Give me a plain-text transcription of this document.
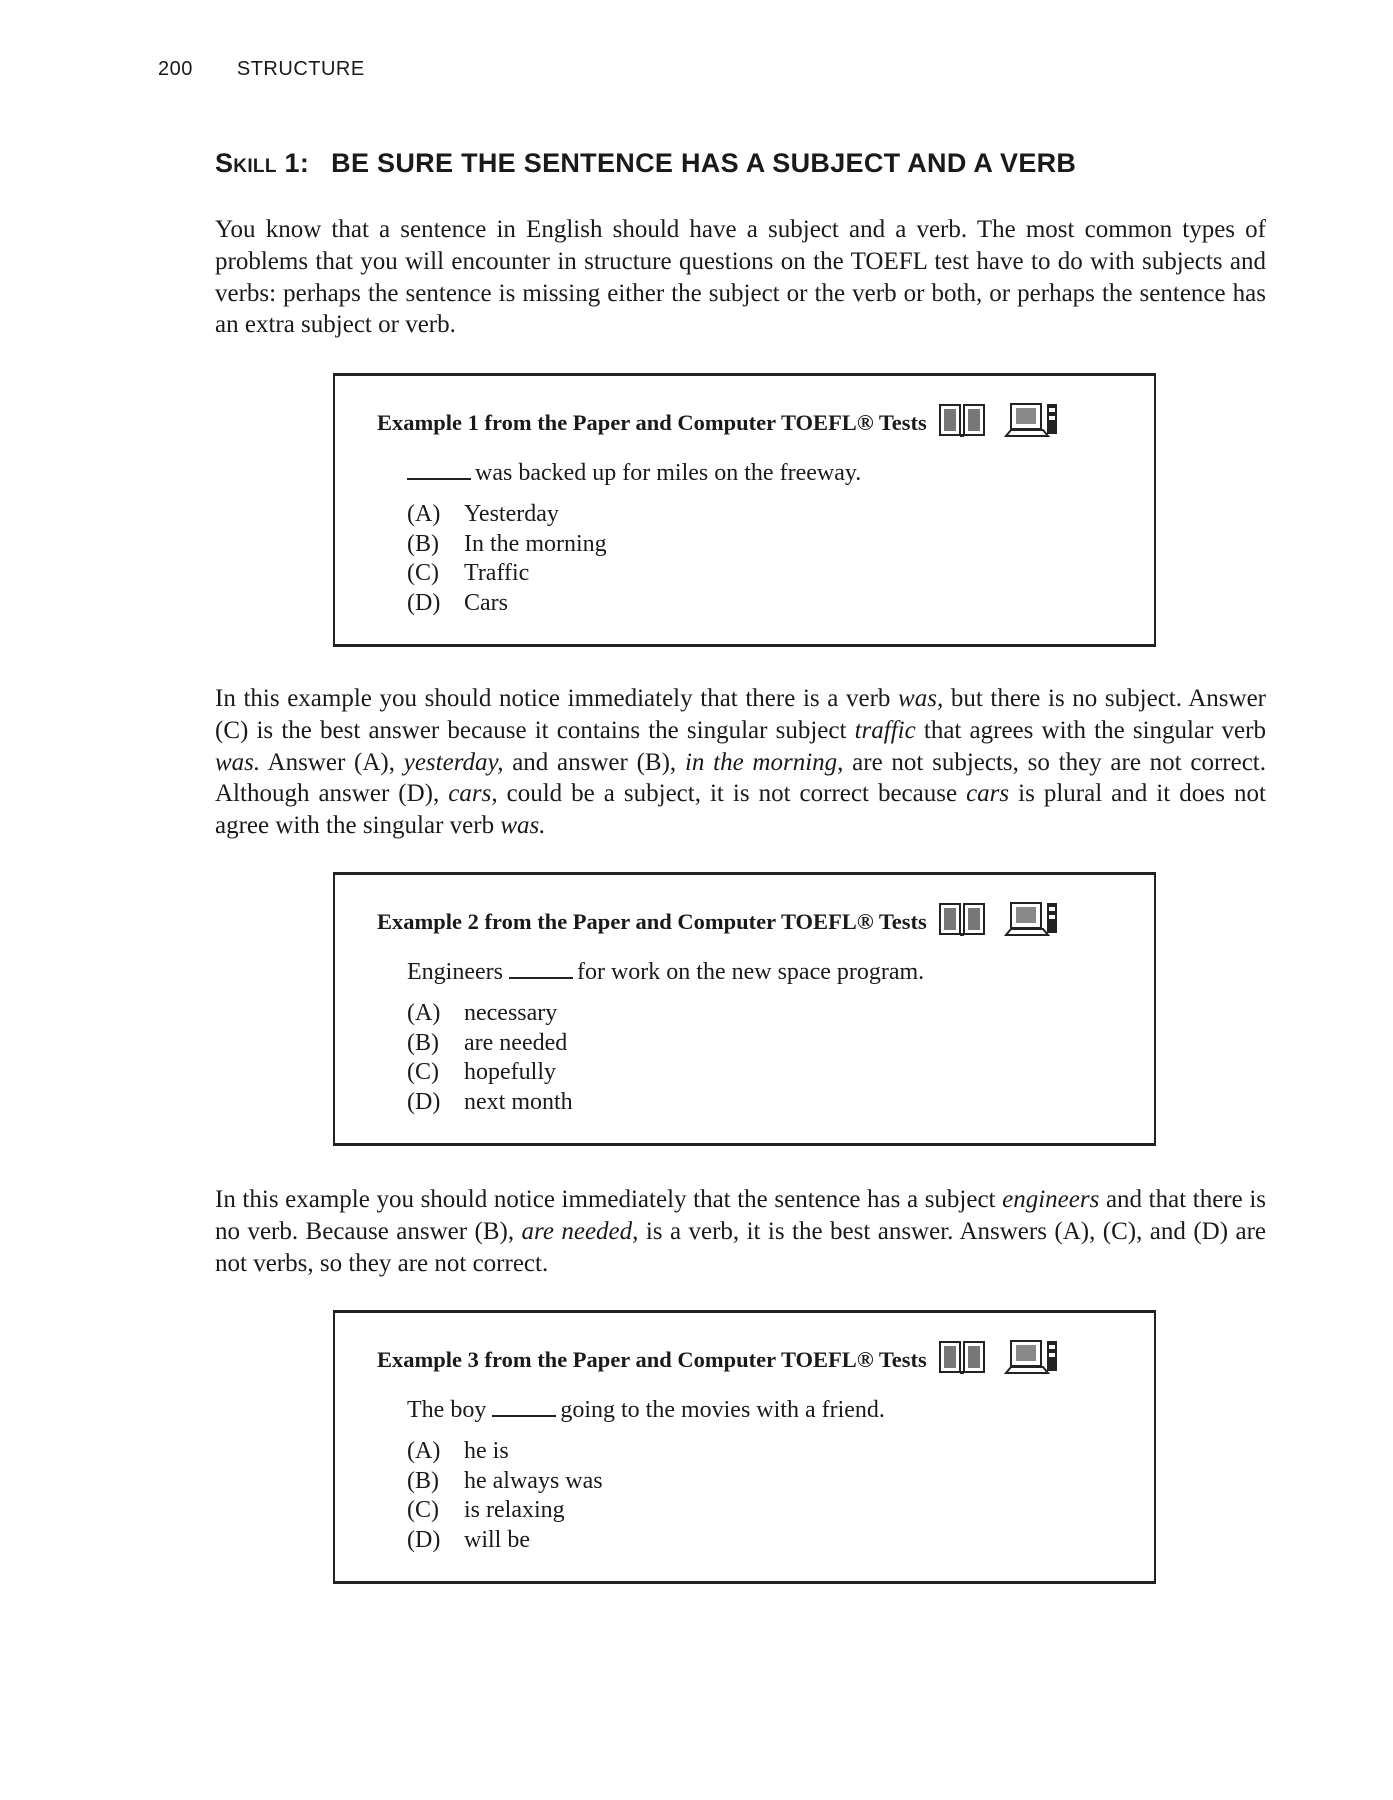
200 STRUCTURE
Skill 1: BE SURE THE SENTENCE HAS A SUBJECT AND A VERB
You know that a sentence in English should have a subject and a verb. The most common types of problems that you will encounter in structure questions on the TOEFL test have to do with subjects and verbs: perhaps the sentence is missing either the subject or the verb or both, or perhaps the sentence has an extra subject or verb.
Example 1 from the Paper and Computer TOEFL® Tests
was backed up for miles on the freeway.
(A) Yesterday
(B) In the morning
(C) Traffic
(D) Cars
Example 2 from the Paper and Computer TOEFL® Tests
Engineers	for work on the new space program.
(A) necessary
(B) are needed
(C) hopefully
(D) next month
Example 3 from the Paper and Computer TOEFL® Tests
The boy	going to the movies with a friend.
(A) he is
(B) he always was
(C) is relaxing
(D) will be
In this example you should notice immediately that there is a verb was, but there is no subject. Answer (C) is the best answer because it contains the singular subject traffic that agrees with the singular verb was. Answer (A), yesterday, and answer (B), in the morning, are not subjects, so they are not correct. Although answer (D), cars, could be a subject, it is not correct because cars is plural and it does not agree with the singular verb was.
In this example you should notice immediately that the sentence has a subject engineers and that there is no verb. Because answer (B), are needed, is a verb, it is the best answer. Answers (A), (C), and (D) are not verbs, so they are not correct.
